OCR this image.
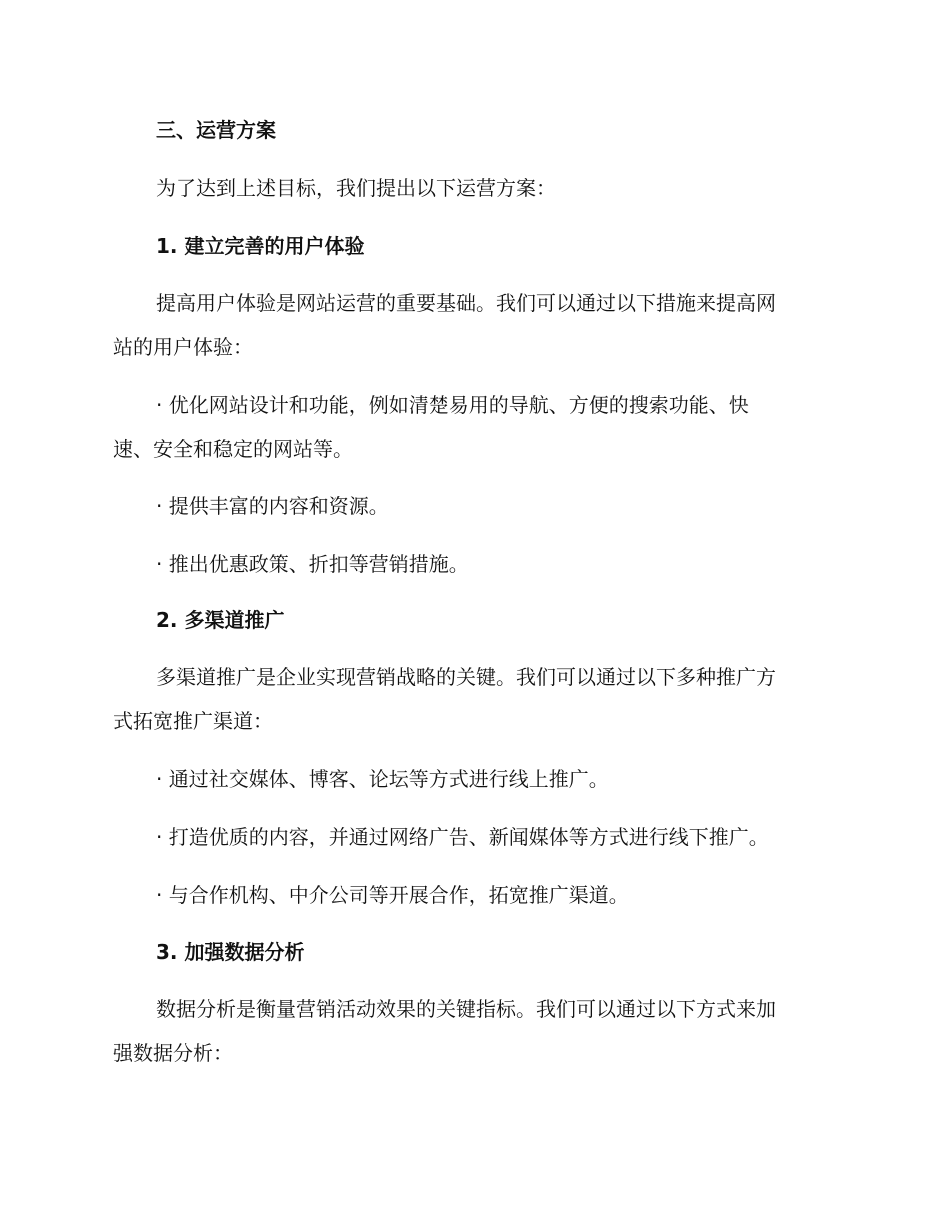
三、运营方案

为了达到上述目标，我们提出以下运营方案：

1. 建立完善的用户体验

提高用户体验是网站运营的重要基础。我们可以通过以下措施来提高网
站的用户体验：

· 优化网站设计和功能，例如清楚易用的导航、方便的搜索功能、快
速、安全和稳定的网站等。

· 提供丰富的内容和资源。

· 推出优惠政策、折扣等营销措施。

2. 多渠道推广

多渠道推广是企业实现营销战略的关键。我们可以通过以下多种推广方
式拓宽推广渠道：

· 通过社交媒体、博客、论坛等方式进行线上推广。

· 打造优质的内容，并通过网络广告、新闻媒体等方式进行线下推广。

· 与合作机构、中介公司等开展合作，拓宽推广渠道。

3. 加强数据分析

数据分析是衡量营销活动效果的关键指标。我们可以通过以下方式来加
强数据分析：
